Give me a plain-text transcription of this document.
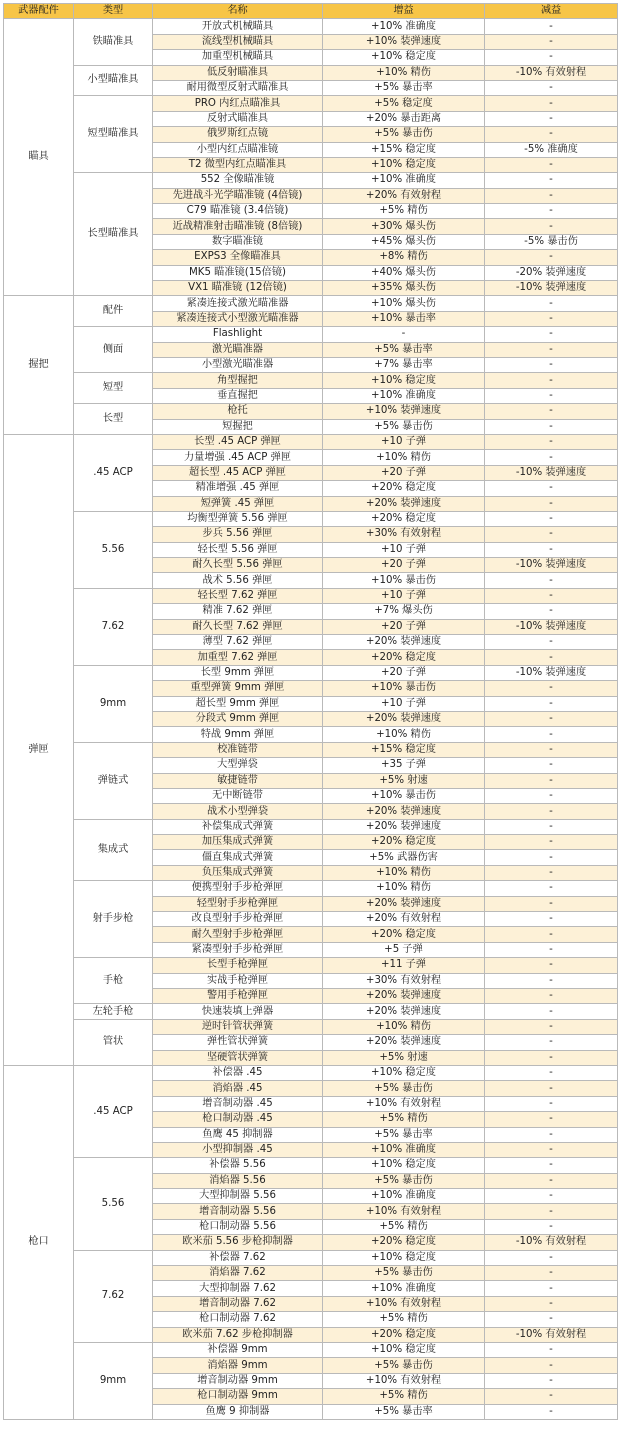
武器配件	类型	名称	增益	减益
瞄具	铁瞄准具	开放式机械瞄具	+10% 准确度	-
		流线型机械瞄具	+10% 装弹速度	-
		加重型机械瞄具	+10% 稳定度	-
	小型瞄准具	低反射瞄准具	+10% 精伤	-10% 有效射程
		耐用微型反射式瞄准具	+5% 暴击率	-
	短型瞄准具	PRO 内红点瞄准具	+5% 稳定度	-
		反射式瞄准具	+20% 暴击距离	-
		俄罗斯红点镜	+5% 暴击伤	-
		小型内红点瞄准镜	+15% 稳定度	-5% 准确度
		T2 微型内红点瞄准具	+10% 稳定度	-
	长型瞄准具	552 全像瞄准镜	+10% 准确度	-
		先进战斗光学瞄准镜 (4倍镜)	+20% 有效射程	-
		C79 瞄准镜 (3.4倍镜)	+5% 精伤	-
		近战精准射击瞄准镜 (8倍镜)	+30% 爆头伤	-
		数字瞄准镜	+45% 爆头伤	-5% 暴击伤
		EXPS3 全像瞄准具	+8% 精伤	-
		MK5 瞄准镜(15倍镜)	+40% 爆头伤	-20% 装弹速度
		VX1 瞄准镜 (12倍镜)	+35% 爆头伤	-10% 装弹速度
握把	配件	紧凑连接式激光瞄准器	+10% 爆头伤	-
		紧凑连接式小型激光瞄准器	+10% 暴击率	-
	侧面	Flashlight	-	-
		激光瞄准器	+5% 暴击率	-
		小型激光瞄准器	+7% 暴击率	-
	短型	角型握把	+10% 稳定度	-
		垂直握把	+10% 准确度	-
	长型	枪托	+10% 装弹速度	-
		短握把	+5% 暴击伤	-
弹匣	.45 ACP	长型 .45 ACP 弹匣	+10 子弹	-
		力量增强 .45 ACP 弹匣	+10% 精伤	-
		超长型 .45 ACP 弹匣	+20 子弹	-10% 装弹速度
		精准增强 .45 弹匣	+20% 稳定度	-
		短弹簧 .45 弹匣	+20% 装弹速度	-
	5.56	均衡型弹簧 5.56 弹匣	+20% 稳定度	-
		步兵 5.56 弹匣	+30% 有效射程	-
		轻长型 5.56 弹匣	+10 子弹	-
		耐久长型 5.56 弹匣	+20 子弹	-10% 装弹速度
		战术 5.56 弹匣	+10% 暴击伤	-
	7.62	轻长型 7.62 弹匣	+10 子弹	-
		精准 7.62 弹匣	+7% 爆头伤	-
		耐久长型 7.62 弹匣	+20 子弹	-10% 装弹速度
		薄型 7.62 弹匣	+20% 装弹速度	-
		加重型 7.62 弹匣	+20% 稳定度	-
	9mm	长型 9mm 弹匣	+20 子弹	-10% 装弹速度
		重型弹簧 9mm 弹匣	+10% 暴击伤	-
		超长型 9mm 弹匣	+10 子弹	-
		分段式 9mm 弹匣	+20% 装弹速度	-
		特战 9mm 弹匣	+10% 精伤	-
	弹链式	校准链带	+15% 稳定度	-
		大型弹袋	+35 子弹	-
		敏捷链带	+5% 射速	-
		无中断链带	+10% 暴击伤	-
		战术小型弹袋	+20% 装弹速度	-
	集成式	补偿集成式弹簧	+20% 装弹速度	-
		加压集成式弹簧	+20% 稳定度	-
		僵直集成式弹簧	+5% 武器伤害	-
		负压集成式弹簧	+10% 精伤	-
	射手步枪	便携型射手步枪弹匣	+10% 精伤	-
		轻型射手步枪弹匣	+20% 装弹速度	-
		改良型射手步枪弹匣	+20% 有效射程	-
		耐久型射手步枪弹匣	+20% 稳定度	-
		紧凑型射手步枪弹匣	+5 子弹	-
	手枪	长型手枪弹匣	+11 子弹	-
		实战手枪弹匣	+30% 有效射程	-
		警用手枪弹匣	+20% 装弹速度	-
	左轮手枪	快速装填上弹器	+20% 装弹速度	-
	管状	逆时针管状弹簧	+10% 精伤	-
		弹性管状弹簧	+20% 装弹速度	-
		坚硬管状弹簧	+5% 射速	-
枪口	.45 ACP	补偿器 .45	+10% 稳定度	-
		消焰器 .45	+5% 暴击伤	-
		增音制动器 .45	+10% 有效射程	-
		枪口制动器 .45	+5% 精伤	-
		鱼鹰 45 抑制器	+5% 暴击率	-
		小型抑制器 .45	+10% 准确度	-
	5.56	补偿器 5.56	+10% 稳定度	-
		消焰器 5.56	+5% 暴击伤	-
		大型抑制器 5.56	+10% 准确度	-
		增音制动器 5.56	+10% 有效射程	-
		枪口制动器 5.56	+5% 精伤	-
		欧米茄 5.56 步枪抑制器	+20% 稳定度	-10% 有效射程
	7.62	补偿器 7.62	+10% 稳定度	-
		消焰器 7.62	+5% 暴击伤	-
		大型抑制器 7.62	+10% 准确度	-
		增音制动器 7.62	+10% 有效射程	-
		枪口制动器 7.62	+5% 精伤	-
		欧米茄 7.62 步枪抑制器	+20% 稳定度	-10% 有效射程
	9mm	补偿器 9mm	+10% 稳定度	-
		消焰器 9mm	+5% 暴击伤	-
		增音制动器 9mm	+10% 有效射程	-
		枪口制动器 9mm	+5% 精伤	-
		鱼鹰 9 抑制器	+5% 暴击率	-
